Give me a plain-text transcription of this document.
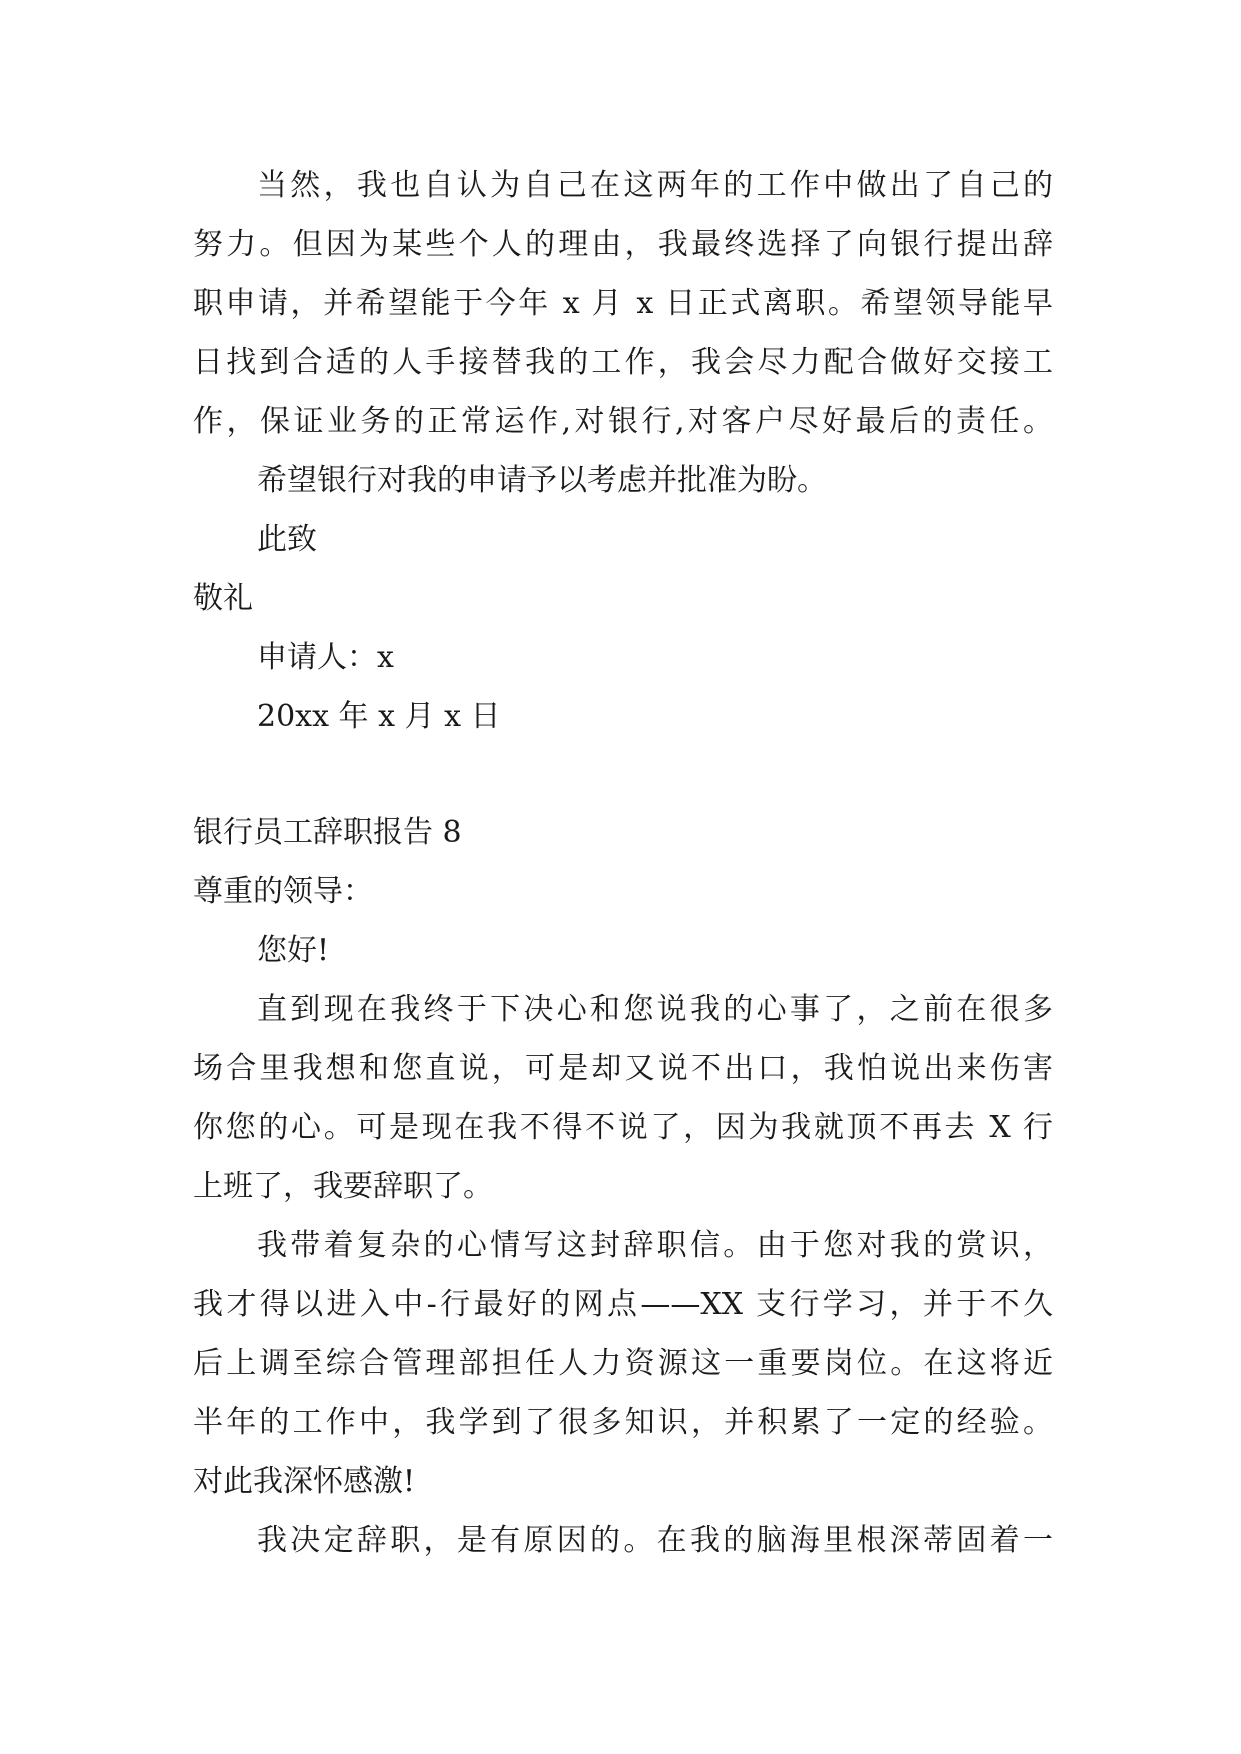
当然，我也自认为自己在这两年的工作中做出了自己的
努力。但因为某些个人的理由，我最终选择了向银行提出辞
职申请，并希望能于今年 x 月 x 日正式离职。希望领导能早
日找到合适的人手接替我的工作，我会尽力配合做好交接工
作，保证业务的正常运作,对银行,对客户尽好最后的责任。
希望银行对我的申请予以考虑并批准为盼。
此致
敬礼
申请人：x
20xx 年 x 月 x 日
银行员工辞职报告 8
尊重的领导：
您好!
直到现在我终于下决心和您说我的心事了，之前在很多
场合里我想和您直说，可是却又说不出口，我怕说出来伤害
你您的心。可是现在我不得不说了，因为我就顶不再去 X 行
上班了，我要辞职了。
我带着复杂的心情写这封辞职信。由于您对我的赏识，
我才得以进入中-行最好的网点——XX 支行学习，并于不久
后上调至综合管理部担任人力资源这一重要岗位。在这将近
半年的工作中，我学到了很多知识，并积累了一定的经验。
对此我深怀感激!
我决定辞职，是有原因的。在我的脑海里根深蒂固着一
